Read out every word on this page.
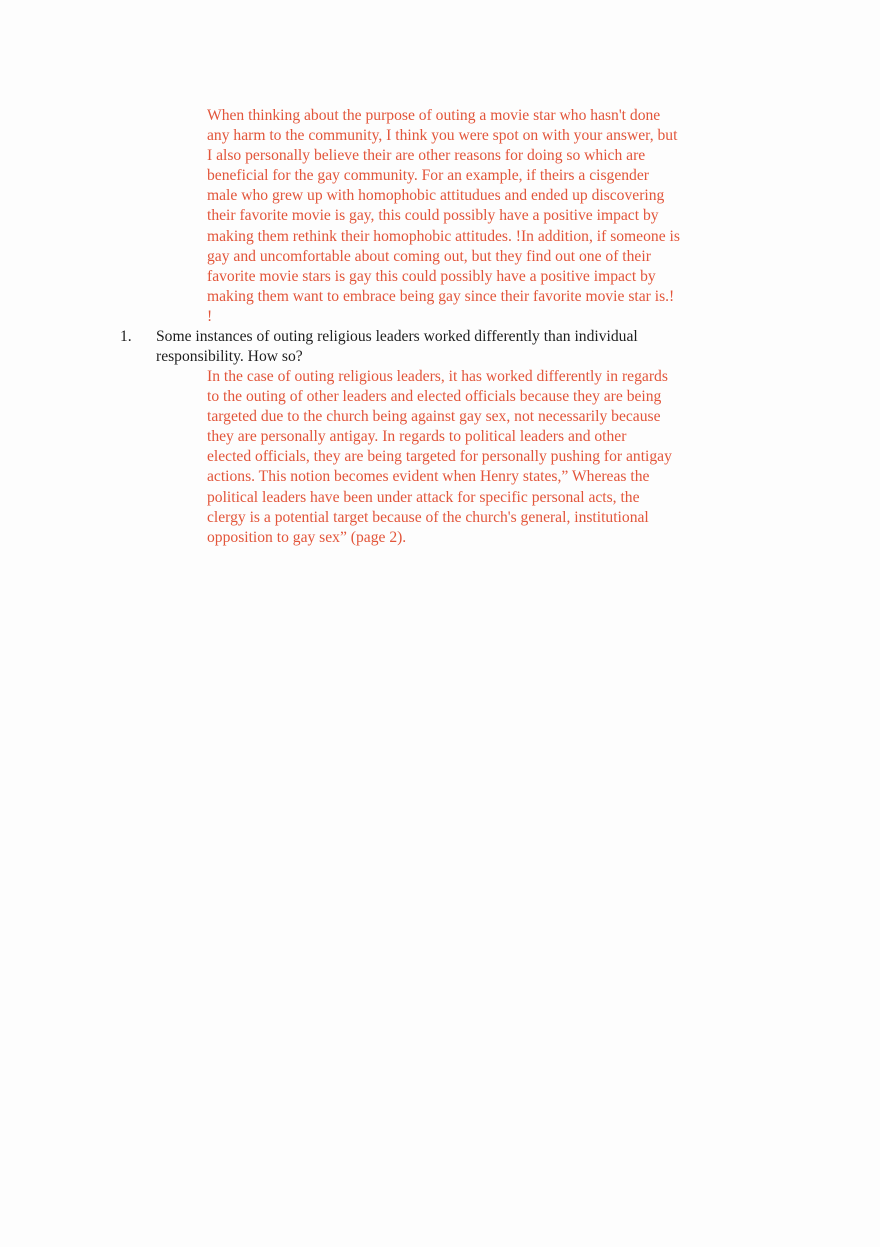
When thinking about the purpose of outing a movie star who hasn't done
any harm to the community, I think you were spot on with your answer, but
I also personally believe their are other reasons for doing so which are
beneficial for the gay community. For an example, if theirs a cisgender
male who grew up with homophobic attitudues and ended up discovering
their favorite movie is gay, this could possibly have a positive impact by
making them rethink their homophobic attitudes. !In addition, if someone is
gay and uncomfortable about coming out, but they find out one of their
favorite movie stars is gay this could possibly have a positive impact by
making them want to embrace being gay since their favorite movie star is.!
!
1. Some instances of outing religious leaders worked differently than individual
responsibility. How so?
In the case of outing religious leaders, it has worked differently in regards
to the outing of other leaders and elected officials because they are being
targeted due to the church being against gay sex, not necessarily because
they are personally antigay. In regards to political leaders and other
elected officials, they are being targeted for personally pushing for antigay
actions. This notion becomes evident when Henry states,” Whereas the
political leaders have been under attack for specific personal acts, the
clergy is a potential target because of the church's general, institutional
opposition to gay sex” (page 2).
